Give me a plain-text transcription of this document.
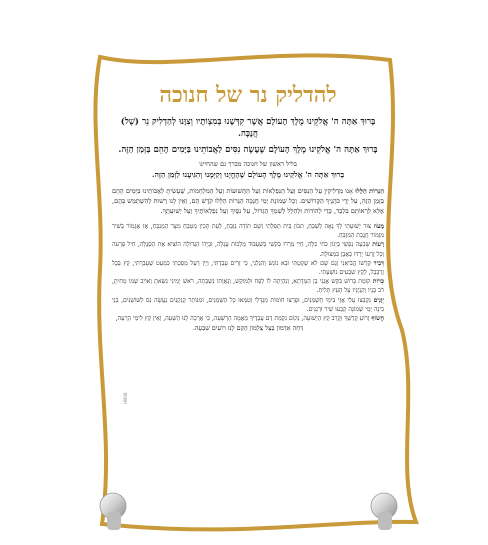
להדליק נר של חנוכה
בָּרוּךְ אַתָּה ה' אֱלֹקֵינוּ מֶלֶךְ הָעוֹלָם אֲשֶׁר קִדְּשָׁנוּ בְּמִצְוֹתָיו וְצִוָּנוּ לְהַדְלִיק נֵר (שֶׁל) חֲנֻכָּה.
בָּרוּךְ אַתָּה ה' אֱלֹקֵינוּ מֶלֶךְ הָעוֹלָם שֶׁעָשָׂה נִסִּים לַאֲבוֹתֵינוּ בַּיָּמִים הָהֵם בַּזְּמַן הַזֶּה.
בליל ראשון של חנוכה מברך גם שהחיינו
בָּרוּךְ אַתָּה ה' אֱלֹקֵינוּ מֶלֶךְ הָעוֹלָם שֶׁהֶחֱיָנוּ וְקִיְּמָנוּ וְהִגִּיעָנוּ לַזְּמַן הַזֶּה.
הַנֵּרוֹת הַלָּלוּ אָנוּ מַדְלִיקִין עַל הַנִּסִּים וְעַל הַנִּפְלָאוֹת וְעַל הַתְּשׁוּעוֹת וְעַל הַמִּלְחָמוֹת, שֶׁעָשִׂיתָ לַאֲבוֹתֵינוּ בַּיָּמִים הָהֵם בַּזְּמַן הַזֶּה, עַל יְדֵי כֹּהֲנֶיךָ הַקְּדוֹשִׁים. וְכָל שְׁמוֹנַת יְמֵי חֲנֻכָּה הַנֵּרוֹת הַלָּלוּ קֹדֶשׁ הֵם, וְאֵין לָנוּ רְשׁוּת לְהִשְׁתַּמֵּשׁ בָּהֶם, אֶלָּא לִרְאוֹתָם בִּלְבָד, כְּדֵי לְהוֹדוֹת וּלְהַלֵּל לְשִׁמְךָ הַגָּדוֹל, עַל נִסֶּיךָ וְעַל נִפְלְאוֹתֶיךָ וְעַל יְשׁוּעָתֶךָ.
מָעוֹז צוּר יְשׁוּעָתִי לְךָ נָאֶה לְשַׁבֵּחַ, תִּכּוֹן בֵּית תְּפִלָּתִי וְשָׁם תּוֹדָה נְזַבֵּחַ, לְעֵת תָּכִין מַטְבֵּחַ מִצָּר הַמְנַבֵּחַ, אָז אֶגְמוֹר בְּשִׁיר מִזְמוֹר חֲנֻכַּת הַמִּזְבֵּחַ.
רָעוֹת שָׂבְעָה נַפְשִׁי בְּיָגוֹן כֹּחִי כִּלָּה, חַיַּי מֵרְרוּ בְּקֹשִׁי בְּשִׁעְבּוּד מַלְכוּת עֶגְלָה, וּבְיָדוֹ הַגְּדוֹלָה הוֹצִיא אֶת הַסְּגֻלָּה, חֵיל פַּרְעֹה וְכָל זַרְעוֹ יָרְדוּ כְּאֶבֶן בִּמְצוּלָה.
דְּבִיר קָדְשׁוֹ הֱבִיאַנִי וְגַם שָׁם לֹא שָׁקַטְתִּי וּבָא נוֹגֵשׂ וְהִגְלַנִי, כִּי זָרִים עָבַדְתִּי, וְיֵין רַעַל מָסַכְתִּי כִּמְעַט שֶׁעָבַרְתִּי, קֵץ בָּבֶל זְרֻבָּבֶל, לְקֵץ שִׁבְעִים נוֹשָׁעְתִּי.
כְּרוֹת קוֹמַת בְּרוֹשׁ בִּקֵּשׁ אֲגָגִי בֶּן הַמְּדָתָא, וְנִהְיָתָה לוֹ לְפַח וּלְמוֹקֵשׁ, וְגַאֲוָתוֹ נִשְׁבָּתָה, רֹאשׁ יְמִינִי נִשֵּׂאתָ וְאוֹיֵב שְׁמוֹ מָחִיתָ, רֹב בָּנָיו וְקִנְיָנָיו עַל הָעֵץ תָּלִיתָ.
יְוָנִים נִקְבְּצוּ עָלַי אֲזַי בִּימֵי חַשְׁמַנִּים, וּפָרְצוּ חוֹמוֹת מִגְדָּלַי וְטִמְּאוּ כָּל הַשְּׁמָנִים, וּמִנּוֹתַר קַנְקַנִּים נַעֲשָׂה נֵס לַשּׁוֹשַׁנִּים, בְּנֵי בִינָה יְמֵי שְׁמוֹנָה קָבְעוּ שִׁיר וּרְנָנִים.
חֲשׂוֹף זְרוֹעַ קָדְשֶׁךָ וְקָרֵב קֵץ הַיְשׁוּעָה, נְקוֹם נִקְמַת דַּם עֲבָדֶיךָ מֵאֻמָּה הָרְשָׁעָה, כִּי אָרְכָה לָנוּ הַשָּׁעָה, וְאֵין קֵץ לִימֵי הָרָעָה,
דְּחֵה אַדְמוֹן בְּצֵל צַלְמוֹן הָקֵם לָנוּ רוֹעִים שִׁבְעָה.
HM08
